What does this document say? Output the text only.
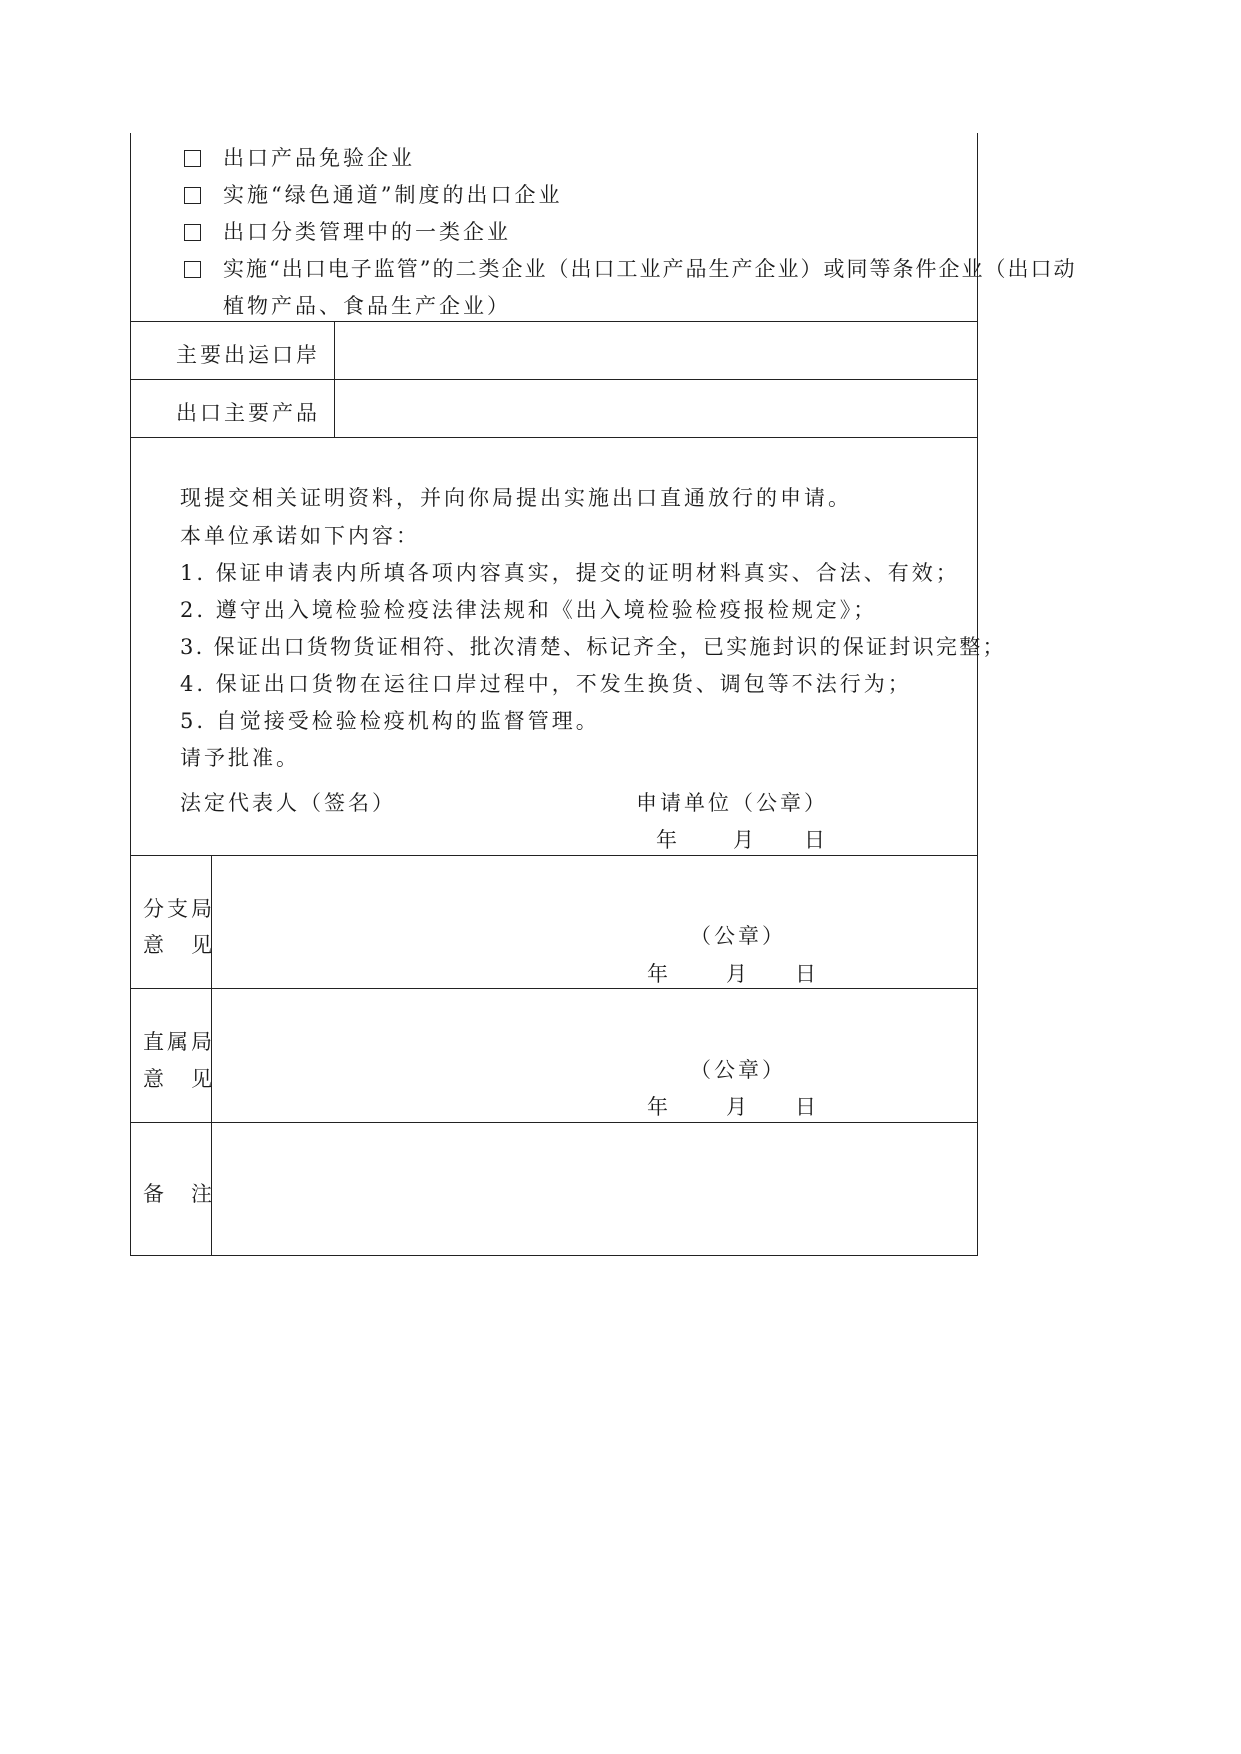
出口产品免验企业
实施“绿色通道”制度的出口企业
出口分类管理中的一类企业
实施“出口电子监管”的二类企业（出口工业产品生产企业）或同等条件企业（出口动
植物产品、食品生产企业）
主要出运口岸
出口主要产品
现提交相关证明资料，并向你局提出实施出口直通放行的申请。
本单位承诺如下内容：
1. 保证申请表内所填各项内容真实，提交的证明材料真实、合法、有效；
2. 遵守出入境检验检疫法律法规和《出入境检验检疫报检规定》；
3. 保证出口货物货证相符、批次清楚、标记齐全，已实施封识的保证封识完整；
4. 保证出口货物在运往口岸过程中，不发生换货、调包等不法行为；
5. 自觉接受检验检疫机构的监督管理。
请予批准。
法定代表人（签名）	申请单位（公章）
年	月 日
分支局
意　见	（公章）
年	月 日
直属局
意　见	（公章）
年	月 日
备　注
